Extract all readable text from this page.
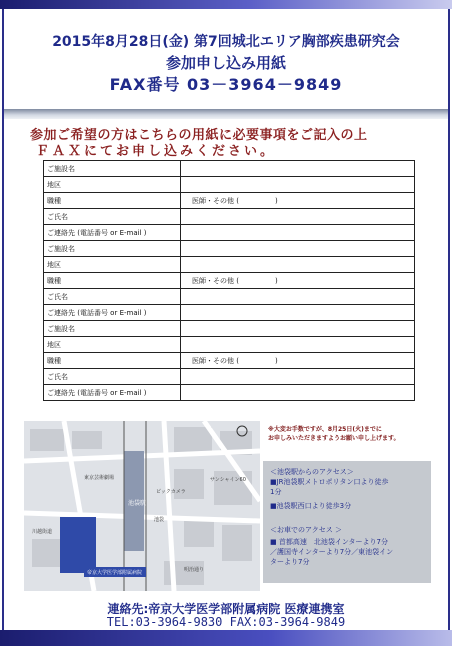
2015年8月28日(金) 第7回城北エリア胸部疾患研究会
参加申し込み用紙
FAX番号 03－3964－9849
参加ご希望の方はこちらの用紙に必要事項をご記入の上
ＦＡＸにてお申し込みください。
ご施設名	
地区	
職種	医師・その他 ( )
ご氏名	
ご連絡先 (電話番号 or E-mail )	
ご施設名	
地区	
職種	医師・その他 ( )
ご氏名	
ご連絡先 (電話番号 or E-mail )	
ご施設名	
地区	
職種	医師・その他 ( )
ご氏名	
ご連絡先 (電話番号 or E-mail )	
池袋駅
帝京大学医学部附属病院
サンシャイン60
池袋
ビックカメラ
東京芸術劇場
明治通り
川越街道
※大変お手数ですが、8月25日(火)までに
お申しみいただきますようお願い申し上げます。
＜池袋駅からのアクセス＞
■JR池袋駅メトロポリタン口より徒歩
1分
■池袋駅西口より徒歩3分
＜お車でのアクセス ＞
■ 首都高速　北池袋インターより7分
／護国寺インターより7分／東池袋イン
ターより7分
連絡先:帝京大学医学部附属病院 医療連携室
TEL:03-3964-9830 FAX:03-3964-9849
